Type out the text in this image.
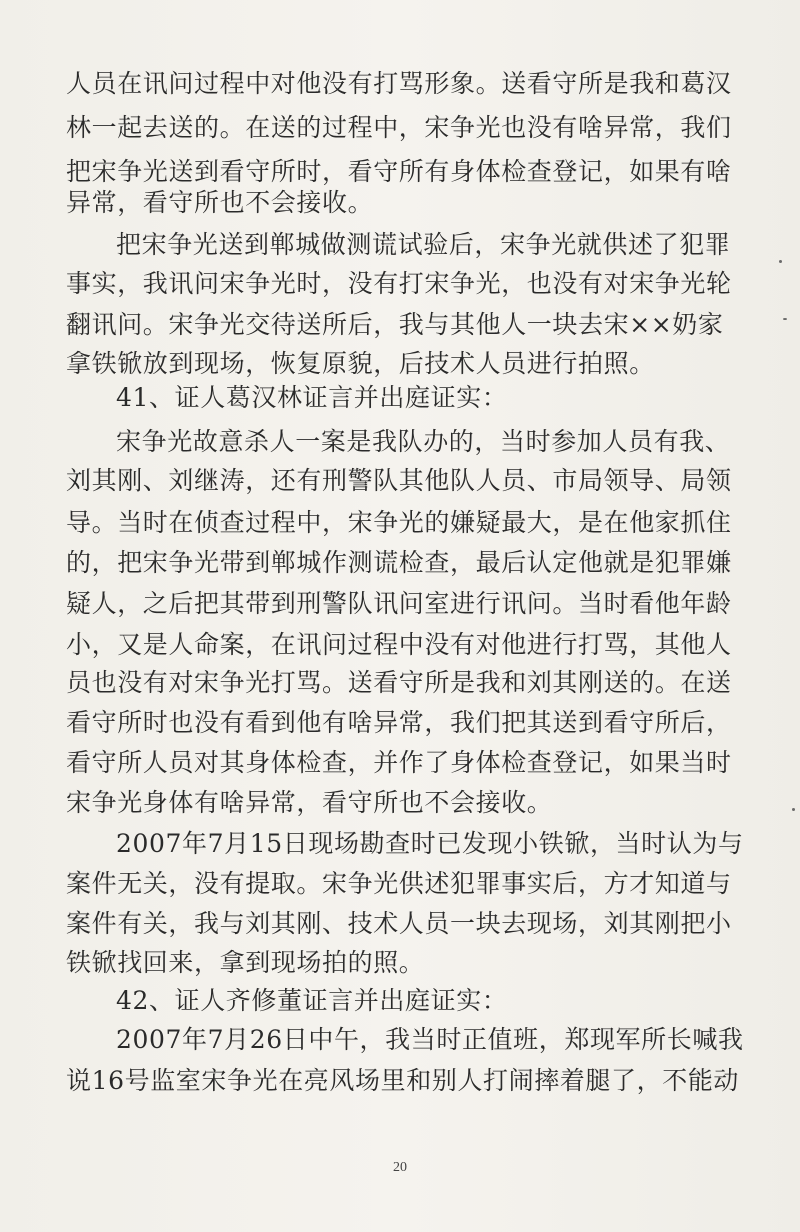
人员在讯问过程中对他没有打骂形象。送看守所是我和葛汉
林一起去送的。在送的过程中，宋争光也没有啥异常，我们
把宋争光送到看守所时，看守所有身体检查登记，如果有啥
异常，看守所也不会接收。
把宋争光送到郸城做测谎试验后，宋争光就供述了犯罪
事实，我讯问宋争光时，没有打宋争光，也没有对宋争光轮
翻讯问。宋争光交待送所后，我与其他人一块去宋××奶家
拿铁锨放到现场，恢复原貌，后技术人员进行拍照。
41、证人葛汉林证言并出庭证实：
宋争光故意杀人一案是我队办的，当时参加人员有我、
刘其刚、刘继涛，还有刑警队其他队人员、市局领导、局领
导。当时在侦查过程中，宋争光的嫌疑最大，是在他家抓住
的，把宋争光带到郸城作测谎检查，最后认定他就是犯罪嫌
疑人，之后把其带到刑警队讯问室进行讯问。当时看他年龄
小，又是人命案，在讯问过程中没有对他进行打骂，其他人
员也没有对宋争光打骂。送看守所是我和刘其刚送的。在送
看守所时也没有看到他有啥异常，我们把其送到看守所后，
看守所人员对其身体检查，并作了身体检查登记，如果当时
宋争光身体有啥异常，看守所也不会接收。
2007年7月15日现场勘查时已发现小铁锨，当时认为与
案件无关，没有提取。宋争光供述犯罪事实后，方才知道与
案件有关，我与刘其刚、技术人员一块去现场，刘其刚把小
铁锨找回来，拿到现场拍的照。
42、证人齐修董证言并出庭证实：
2007年7月26日中午，我当时正值班，郑现军所长喊我
说16号监室宋争光在亮风场里和别人打闹摔着腿了，不能动
20
